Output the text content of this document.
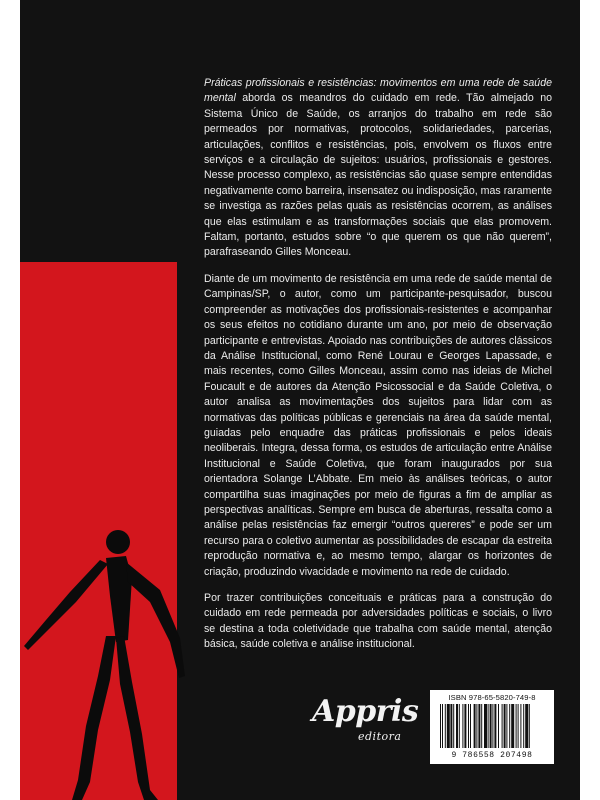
Práticas profissionais e resistências: movimentos em uma rede de saúde mental aborda os meandros do cuidado em rede. Tão almejado no Sistema Único de Saúde, os arranjos do trabalho em rede são permeados por normativas, protocolos, solidariedades, parcerias, articulações, conflitos e resistências, pois, envolvem os fluxos entre serviços e a circulação de sujeitos: usuários, profissionais e gestores. Nesse processo complexo, as resistências são quase sempre entendidas negativamente como barreira, insensatez ou indisposição, mas raramente se investiga as razões pelas quais as resistências ocorrem, as análises que elas estimulam e as transformações sociais que elas promovem. Faltam, portanto, estudos sobre “o que querem os que não querem”, parafraseando Gilles Monceau.

Diante de um movimento de resistência em uma rede de saúde mental de Campinas/SP, o autor, como um participante-pesquisador, buscou compreender as motivações dos profissionais-resistentes e acompanhar os seus efeitos no cotidiano durante um ano, por meio de observação participante e entrevistas. Apoiado nas contribuições de autores clássicos da Análise Institucional, como René Lourau e Georges Lapassade, e mais recentes, como Gilles Monceau, assim como nas ideias de Michel Foucault e de autores da Atenção Psicossocial e da Saúde Coletiva, o autor analisa as movimentações dos sujeitos para lidar com as normativas das políticas públicas e gerenciais na área da saúde mental, guiadas pelo enquadre das práticas profissionais e pelos ideais neoliberais. Integra, dessa forma, os estudos de articulação entre Análise Institucional e Saúde Coletiva, que foram inaugurados por sua orientadora Solange L’Abbate. Em meio às análises teóricas, o autor compartilha suas imaginações por meio de figuras a fim de ampliar as perspectivas analíticas. Sempre em busca de aberturas, ressalta como a análise pelas resistências faz emergir “outros quereres” e pode ser um recurso para o coletivo aumentar as possibilidades de escapar da estreita reprodução normativa e, ao mesmo tempo, alargar os horizontes de criação, produzindo vivacidade e movimento na rede de cuidado.

Por trazer contribuições conceituais e práticas para a construção do cuidado em rede permeada por adversidades políticas e sociais, o livro se destina a toda coletividade que trabalha com saúde mental, atenção básica, saúde coletiva e análise institucional.

Appris
editora
ISBN 978-65-5820-749-8
9 786558 207498
